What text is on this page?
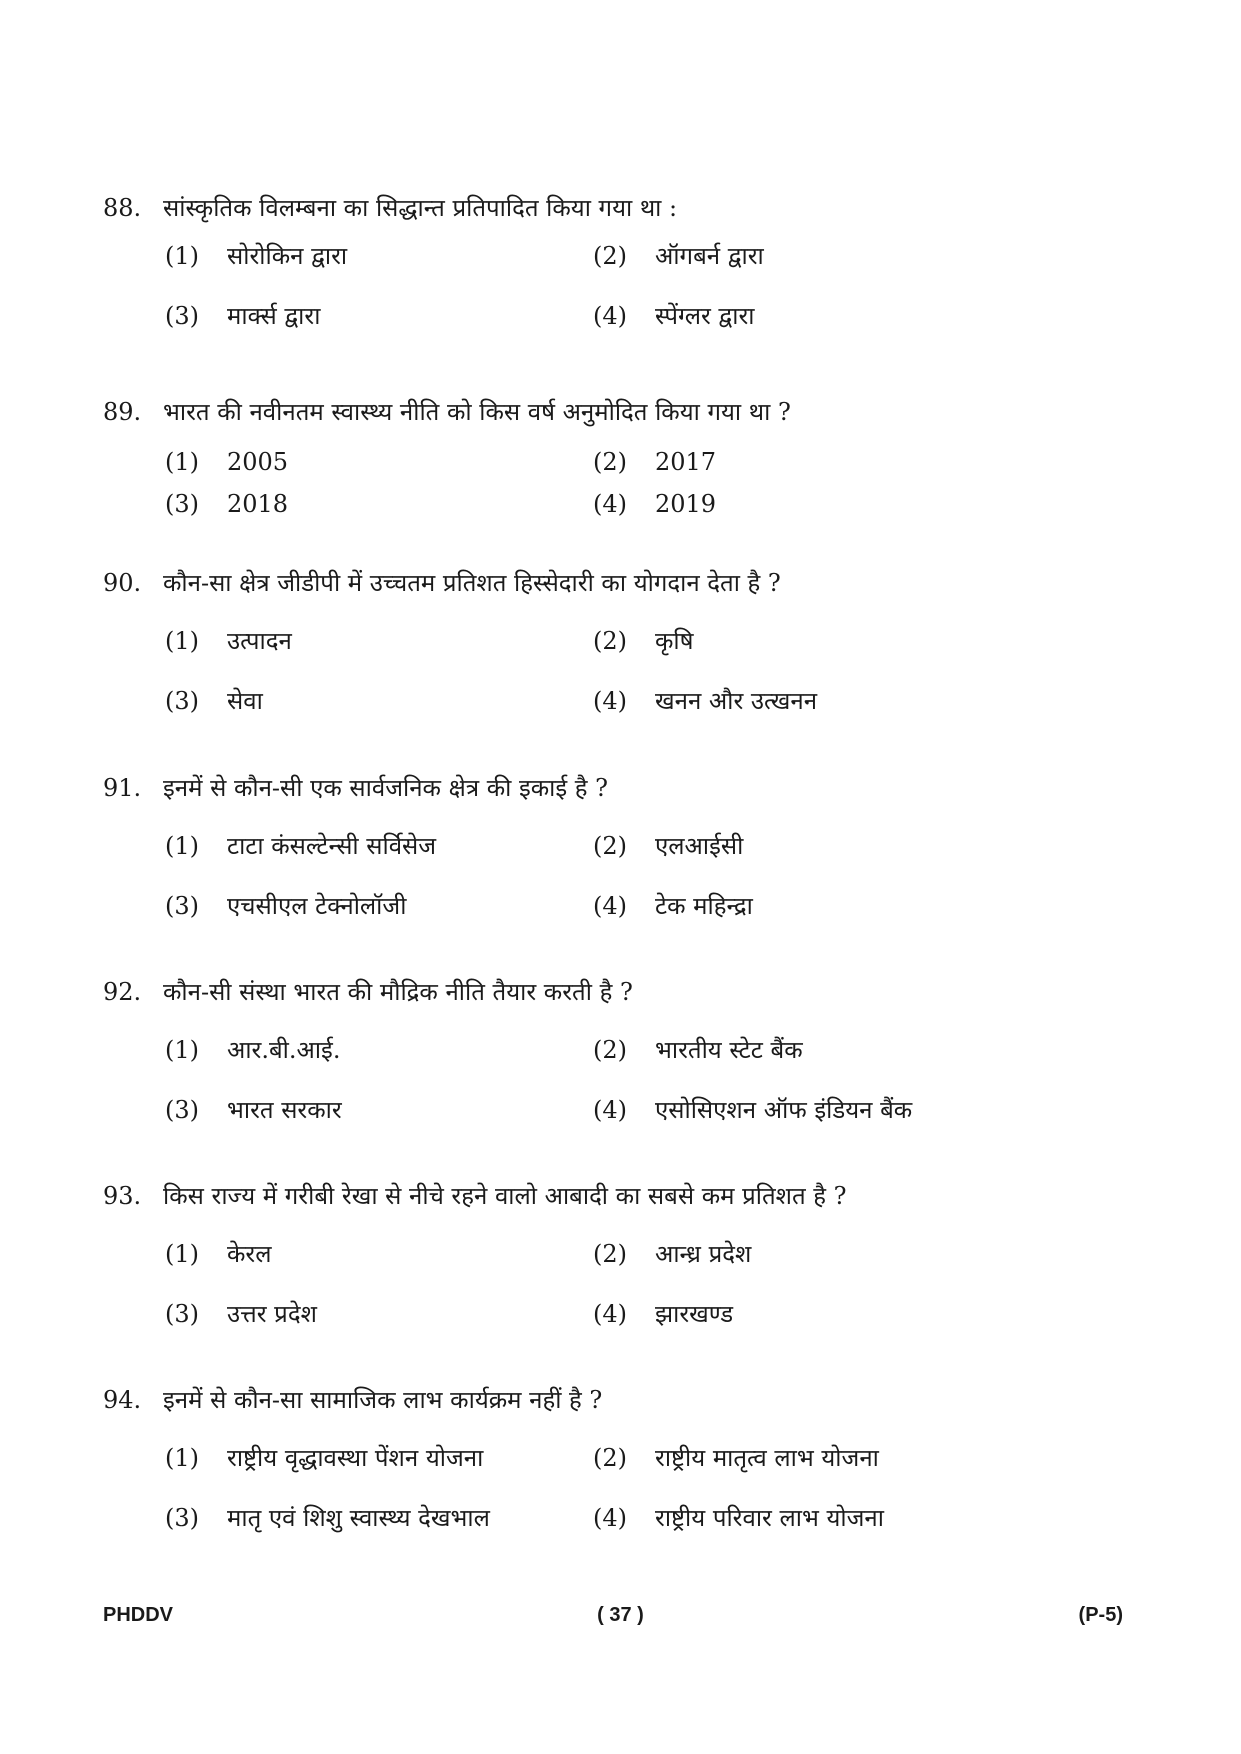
88. सांस्कृतिक विलम्बना का सिद्धान्त प्रतिपादित किया गया था :
(1) सोरोकिन द्वारा	(2) ऑगबर्न द्वारा
(3) मार्क्स द्वारा	(4) स्पेंग्लर द्वारा
89. भारत की नवीनतम स्वास्थ्य नीति को किस वर्ष अनुमोदित किया गया था ?
(1) 2005	(2) 2017
(3) 2018	(4) 2019
90. कौन-सा क्षेत्र जीडीपी में उच्चतम प्रतिशत हिस्सेदारी का योगदान देता है ?
(1) उत्पादन	(2) कृषि
(3) सेवा	(4) खनन और उत्खनन
91. इनमें से कौन-सी एक सार्वजनिक क्षेत्र की इकाई है ?
(1) टाटा कंसल्टेन्सी सर्विसेज	(2) एलआईसी
(3) एचसीएल टेक्नोलॉजी	(4) टेक महिन्द्रा
92. कौन-सी संस्था भारत की मौद्रिक नीति तैयार करती है ?
(1) आर.बी.आई.	(2) भारतीय स्टेट बैंक
(3) भारत सरकार	(4) एसोसिएशन ऑफ इंडियन बैंक
93. किस राज्य में गरीबी रेखा से नीचे रहने वालो आबादी का सबसे कम प्रतिशत है ?
(1) केरल	(2) आन्ध्र प्रदेश
(3) उत्तर प्रदेश	(4) झारखण्ड
94. इनमें से कौन-सा सामाजिक लाभ कार्यक्रम नहीं है ?
(1) राष्ट्रीय वृद्धावस्था पेंशन योजना	(2) राष्ट्रीय मातृत्व लाभ योजना
(3) मातृ एवं शिशु स्वास्थ्य देखभाल	(4) राष्ट्रीय परिवार लाभ योजना
PHDDV	( 37 )	(P-5)
